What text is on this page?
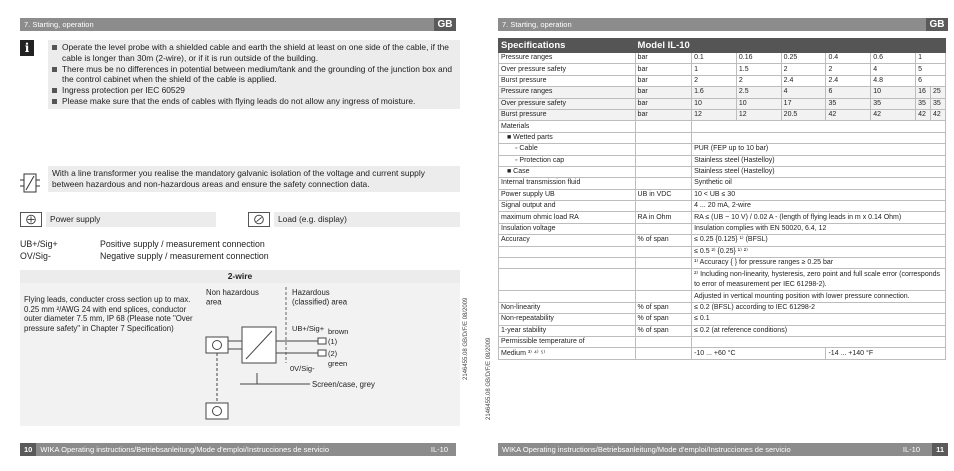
7. Starting, operation	GB
i	Operate the level probe with a shielded cable and earth the shield at least on one side of the cable, if the cable is longer than 30m (2-wire), or if it is run outside of the building.
There mus be no differences in potential between medium/tank and the grounding of the junction box and the control cabinet when the shield of the cable is applied.
Ingress protection per IEC 60529
Please make sure that the ends of cables with flying leads do not allow any ingress of moisture.
With a line transformer you realise the mandatory galvanic isolation of the voltage and current supply between hazardous and non-hazardous areas and ensure the safety connection data.
Power supply	Load (e.g. display)
UB+/Sig+	Positive supply / measurement connection
OV/Sig-	Negative supply / measurement connection
2-wire
Flying leads, conducter cross section up to max. 0.25 mm ²/AWG 24 with end splices, conductor outer diameter 7.5 mm, IP 68 (Please note "Over pressure safety" in Chapter 7 Specification)
Non hazardous area
Hazardous (classified) area
UB+/Sig+ brown
(1)
(2)
0V/Sig-
green
Screen/case, grey
2146455.08 GB/D/F/E 08/2009
10 WIKA Operating instructions/Betriebsanleitung/Mode d'emploi/Instrucciones de servicio	IL-10
7. Starting, operation	GB
Specifications	Model IL-10							
Pressure ranges	bar	0.1	0.16	0.25	0.4	0.6	1	
Over pressure safety	bar	1	1.5	2	2	4	5	
Burst pressure	bar	2	2	2.4	2.4	4.8	6	
Pressure ranges	bar	1.6	2.5	4	6	10	16	25
Over pressure safety	bar	10	10	17	35	35	35	35
Burst pressure	bar	12	12	20.5	42	42	42	42
Materials								
■ Wetted parts								
◦ Cable		PUR (FEP up to 10 bar)						
◦ Protection cap		Stainless steel (Hastelloy)						
■ Case		Stainless steel (Hastelloy)						
Internal transmission fluid		Synthetic oil						
Power supply UB	UB in VDC	10 < UB ≤ 30						
Signal output and		4 ... 20 mA, 2-wire						
maximum ohmic load RA	RA in Ohm	RA ≤ (UB − 10 V) / 0.02 A - (length of flying leads in m x 0.14 Ohm)						
Insulation voltage		Insulation complies with EN 50020, 6.4, 12						
Accuracy	% of span	≤ 0.25 {0.125} ¹⁾ (BFSL)						
		≤ 0.5 ²⁾ {0.25} ¹⁾ ²⁾						
		¹⁾ Accuracy { } for pressure ranges ≥ 0.25 bar						
		²⁾ Including non-linearity, hysteresis, zero point and full scale error (corresponds to error of measurement per IEC 61298-2).						
		Adjusted in vertical mounting position with lower pressure connection.						
Non-linearity	% of span	≤ 0.2 (BFSL) according to IEC 61298-2						
Non-repeatability	% of span	≤ 0.1						
1-year stability	% of span	≤ 0.2 (at reference conditions)						
Permissible temperature of								
Medium ³⁾ ⁴⁾ ⁵⁾		-10 ... +60 °C			-14 ... +140 °F			
2146455.08 GB/D/F/E 08/2009
WIKA Operating instructions/Betriebsanleitung/Mode d'emploi/Instrucciones de servicio	IL-10	11
